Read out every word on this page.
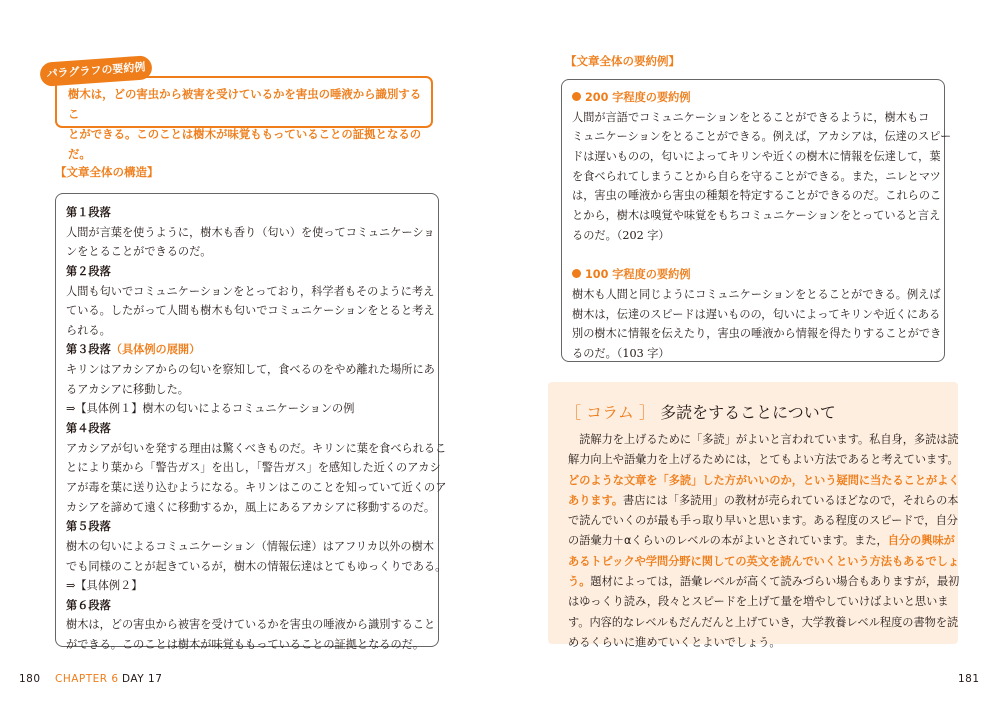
パラグラフの要約例
樹木は，どの害虫から被害を受けているかを害虫の唾液から識別するこ
とができる。このことは樹木が味覚ももっていることの証拠となるのだ。
【文章全体の構造】
第１段落
人間が言葉を使うように，樹木も香り（匂い）を使ってコミュニケーショ
ンをとることができるのだ。
第２段落
人間も匂いでコミュニケーションをとっており，科学者もそのように考え
ている。したがって人間も樹木も匂いでコミュニケーションをとると考え
られる。
第３段落（具体例の展開）
キリンはアカシアからの匂いを察知して，食べるのをやめ離れた場所にあ
るアカシアに移動した。
⇒【具体例１】樹木の匂いによるコミュニケーションの例
第４段落
アカシアが匂いを発する理由は驚くべきものだ。キリンに葉を食べられるこ
とにより葉から「警告ガス」を出し，「警告ガス」を感知した近くのアカシ
アが毒を葉に送り込むようになる。キリンはこのことを知っていて近くのア
カシアを諦めて遠くに移動するか，風上にあるアカシアに移動するのだ。
第５段落
樹木の匂いによるコミュニケーション（情報伝達）はアフリカ以外の樹木
でも同様のことが起きているが，樹木の情報伝達はとてもゆっくりである。
⇒【具体例２】
第６段落
樹木は，どの害虫から被害を受けているかを害虫の唾液から識別すること
ができる。このことは樹木が味覚ももっていることの証拠となるのだ。
【文章全体の要約例】
200 字程度の要約例
人間が言語でコミュニケーションをとることができるように，樹木もコ
ミュニケーションをとることができる。例えば，アカシアは，伝達のスピー
ドは遅いものの，匂いによってキリンや近くの樹木に情報を伝達して，葉
を食べられてしまうことから自らを守ることができる。また，ニレとマツ
は，害虫の唾液から害虫の種類を特定することができるのだ。これらのこ
とから，樹木は嗅覚や味覚をもちコミュニケーションをとっていると言え
るのだ。（202 字）
100 字程度の要約例
樹木も人間と同じようにコミュニケーションをとることができる。例えば
樹木は，伝達のスピードは遅いものの，匂いによってキリンや近くにある
別の樹木に情報を伝えたり，害虫の唾液から情報を得たりすることができ
るのだ。（103 字）
［ コラム ］ 多読をすることについて
　読解力を上げるために「多読」がよいと言われています。私自身，多読は読
解力向上や語彙力を上げるためには，とてもよい方法であると考えています。
どのような文章を「多読」した方がいいのか，という疑問に当たることがよく
あります。書店には「多読用」の教材が売られているほどなので，それらの本
で読んでいくのが最も手っ取り早いと思います。ある程度のスピードで，自分
の語彙力＋αくらいのレベルの本がよいとされています。また，自分の興味が
あるトピックや学問分野に関しての英文を読んでいくという方法もあるでしょ
う。題材によっては，語彙レベルが高くて読みづらい場合もありますが，最初
はゆっくり読み，段々とスピードを上げて量を増やしていけばよいと思いま
す。内容的なレベルもだんだんと上げていき，大学教養レベル程度の書物を読
めるくらいに進めていくとよいでしょう。
180 CHAPTER 6 DAY 17	181
